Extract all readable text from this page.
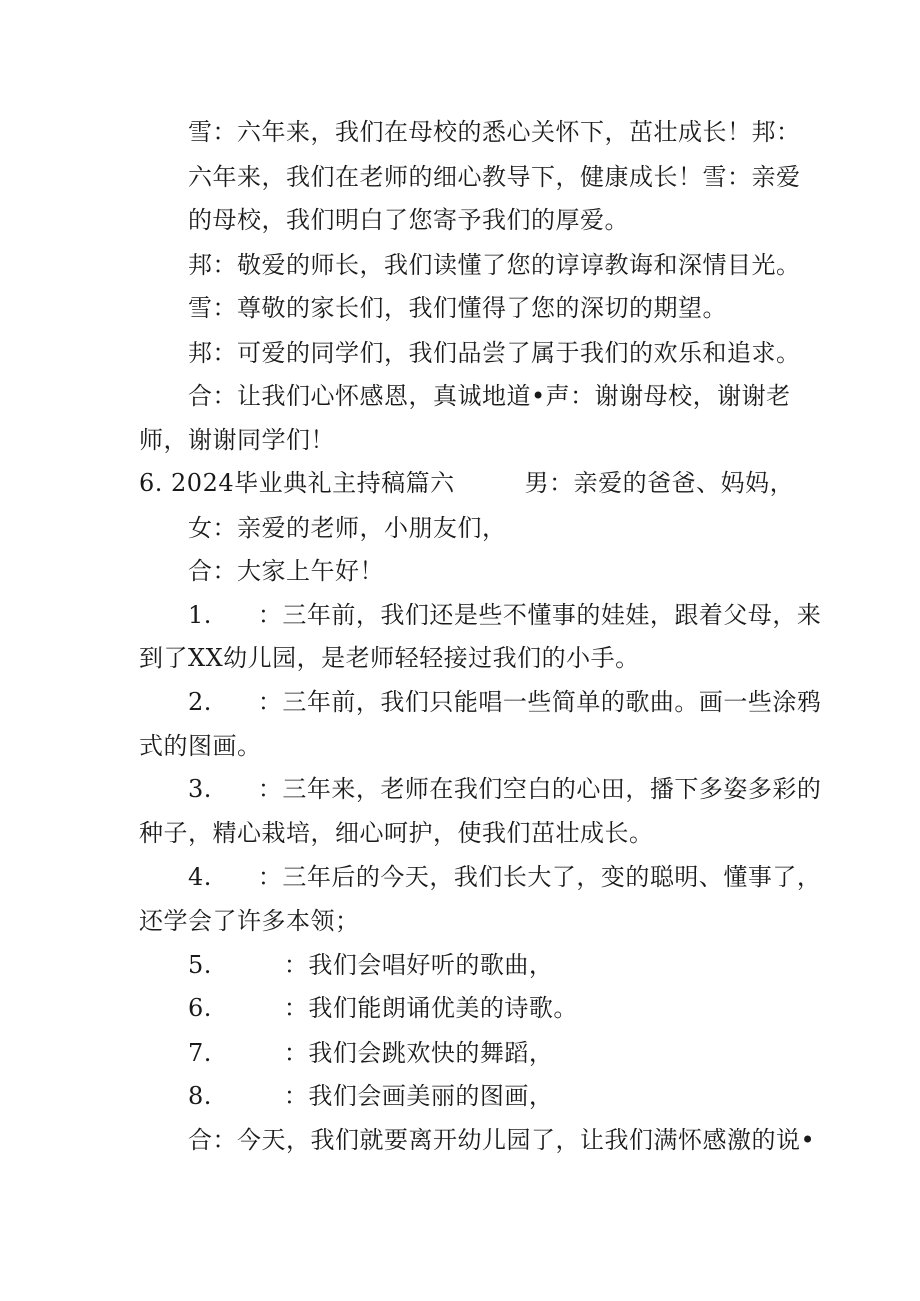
雪：六年来，我们在母校的悉心关怀下，茁壮成长！邦：
六年来，我们在老师的细心教导下，健康成长！雪：亲爱
的母校，我们明白了您寄予我们的厚爱。
邦：敬爱的师长，我们读懂了您的谆谆教诲和深情目光。
雪：尊敬的家长们，我们懂得了您的深切的期望。
邦：可爱的同学们，我们品尝了属于我们的欢乐和追求。
合：让我们心怀感恩，真诚地道•声：谢谢母校，谢谢老
师，谢谢同学们！
6. 2024毕业典礼主持稿篇六	男：亲爱的爸爸、妈妈，
女：亲爱的老师，小朋友们，
合：大家上午好！
1. ：三年前，我们还是些不懂事的娃娃，跟着父母，来
到了XX幼儿园，是老师轻轻接过我们的小手。
2. ：三年前，我们只能唱一些简单的歌曲。画一些涂鸦
式的图画。
3. ：三年来，老师在我们空白的心田，播下多姿多彩的
种子，精心栽培，细心呵护，使我们茁壮成长。
4. ：三年后的今天，我们长大了，变的聪明、懂事了，
还学会了许多本领；
5.	：我们会唱好听的歌曲，
6.	：我们能朗诵优美的诗歌。
7.	：我们会跳欢快的舞蹈，
8.	：我们会画美丽的图画，
合：今天，我们就要离开幼儿园了，让我们满怀感激的说•
